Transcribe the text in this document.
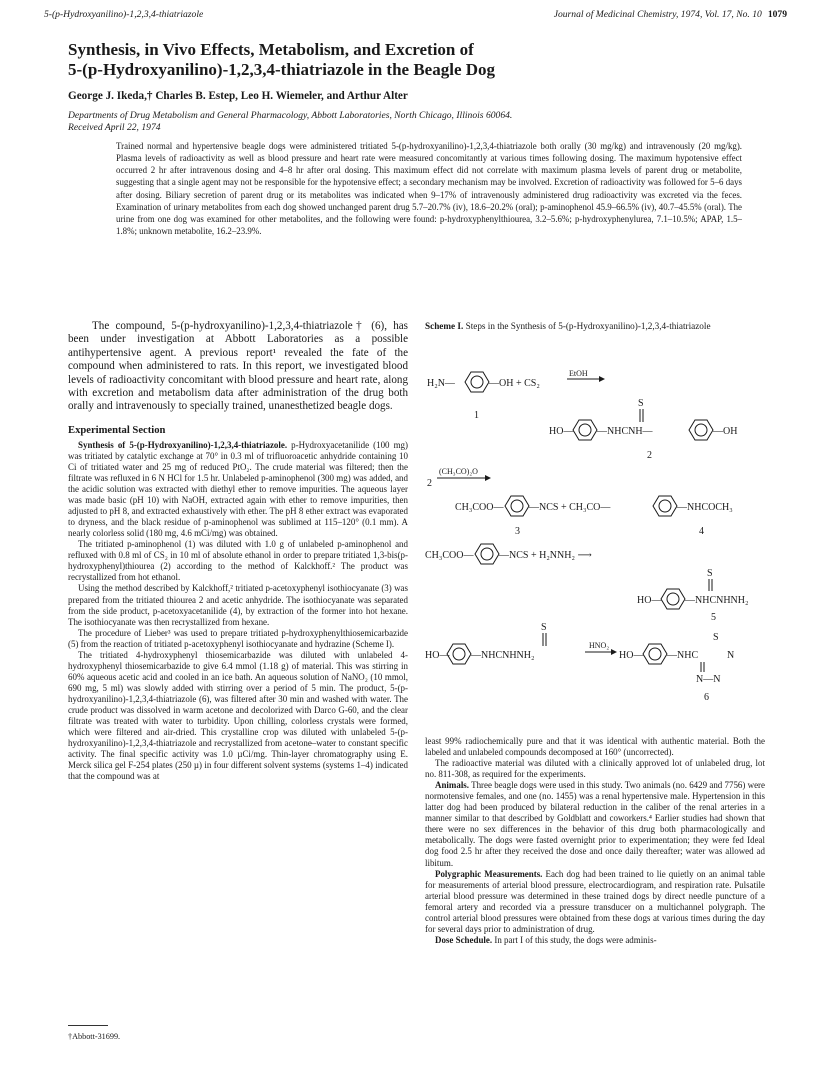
5-(p-Hydroxyanilino)-1,2,3,4-thiatriazole	Journal of Medicinal Chemistry, 1974, Vol. 17, No. 10 1079
Synthesis, in Vivo Effects, Metabolism, and Excretion of
5-(p-Hydroxyanilino)-1,2,3,4-thiatriazole in the Beagle Dog
George J. Ikeda,† Charles B. Estep, Leo H. Wiemeler, and Arthur Alter
Departments of Drug Metabolism and General Pharmacology, Abbott Laboratories, North Chicago, Illinois 60064.
Received April 22, 1974
Trained normal and hypertensive beagle dogs were administered tritiated 5-(p-hydroxyanilino)-1,2,3,4-thiatriazole both orally (30 mg/kg) and intravenously (20 mg/kg). Plasma levels of radioactivity as well as blood pressure and heart rate were measured concomitantly at various times following dosing. The maximum hypotensive effect occurred 2 hr after intravenous dosing and 4–8 hr after oral dosing. This maximum effect did not correlate with maximum plasma levels of parent drug or metabolite, suggesting that a single agent may not be responsible for the hypotensive effect; a secondary mechanism may be involved. Excretion of radioactivity was followed for 5–6 days after dosing. Biliary secretion of parent drug or its metabolites was indicated when 9–17% of intravenously administered drug radioactivity was excreted via the feces. Examination of urinary metabolites from each dog showed unchanged parent drug 5.7–20.7% (iv), 18.6–20.2% (oral); p-aminophenol 45.9–66.5% (iv), 40.7–45.5% (oral). The urine from one dog was examined for other metabolites, and the following were found: p-hydroxyphenylthiourea, 3.2–5.6%; p-hydroxyphenylurea, 7.1–10.5%; APAP, 1.5–1.8%; unknown metabolite, 16.2–23.9%.

The compound, 5-(p-hydroxyanilino)-1,2,3,4-thiatriazole† (6), has been under investigation at Abbott Laboratories as a possible antihypertensive agent. A previous report¹ revealed the fate of the compound when administered to rats. In this report, we investigated blood levels of radioactivity concomitant with blood pressure and heart rate, along with excretion and metabolism data after administration of the drug both orally and intravenously to specially trained, unanesthetized beagle dogs.

Experimental Section

Synthesis of 5-(p-Hydroxyanilino)-1,2,3,4-thiatriazole. p-Hydroxyacetanilide (100 mg) was tritiated by catalytic exchange at 70° in 0.3 ml of trifluoroacetic anhydride containing 10 Ci of tritiated water and 25 mg of reduced PtO₂. The crude material was filtered; then the filtrate was refluxed in 6 N HCl for 1.5 hr. Unlabeled p-aminophenol (300 mg) was added, and the acidic solution was extracted with diethyl ether to remove impurities. The aqueous layer was made basic (pH 10) with NaOH, extracted again with ether to remove impurities, then adjusted to pH 8, and extracted exhaustively with ether. The pH 8 ether extract was evaporated to dryness, and the black residue of p-aminophenol was sublimed at 115–120° (0.1 mm). A nearly colorless solid (180 mg, 4.6 mCi/mg) was obtained.

The tritiated p-aminophenol (1) was diluted with 1.0 g of unlabeled p-aminophenol and refluxed with 0.8 ml of CS₂ in 10 ml of absolute ethanol in order to prepare tritiated 1,3-bis(p-hydroxyphenyl)thiourea (2) according to the method of Kalckhoff.² The product was recrystallized from hot ethanol.

Using the method described by Kalckhoff,² tritiated p-acetoxyphenyl isothiocyanate (3) was prepared from the tritiated thiourea 2 and acetic anhydride. The isothiocyanate was separated from the side product, p-acetoxyacetanilide (4), by extraction of the former into hot hexane. The isothiocyanate was then recrystallized from hexane.

The procedure of Lieber³ was used to prepare tritiated p-hydroxyphenylthiosemicarbazide (5) from the reaction of tritiated p-acetoxyphenyl isothiocyanate and hydrazine (Scheme I).

The tritiated 4-hydroxyphenyl thiosemicarbazide was diluted with unlabeled 4-hydroxyphenyl thiosemicarbazide to give 6.4 mmol (1.18 g) of material. This was stirring in 60% aqueous acetic acid and cooled in an ice bath. An aqueous solution of NaNO₂ (10 mmol, 690 mg, 5 ml) was slowly added with stirring over a period of 5 min. The product, 5-(p-hydroxyanilino)-1,2,3,4-thiatriazole (6), was filtered after 30 min and washed with water. The crude product was dissolved in warm acetone and decolorized with Darco G-60, and the clear filtrate was treated with water to turbidity. Upon chilling, colorless crystals were formed, which were filtered and air-dried. This crystalline crop was diluted with unlabeled 5-(p-hydroxyanilino)-1,2,3,4-thiatriazole and recrystallized from acetone–water to constant specific activity. The final specific activity was 1.0 µCi/mg. Thin-layer chromatography using E. Merck silica gel F-254 plates (250 µ) in four different solvent systems (systems 1–4) indicated that the compound was at

†Abbott-31699.
Scheme I. Steps in the Synthesis of 5-(p-Hydroxyanilino)-1,2,3,4-thiatriazole
H₂N—	—OH + CS₂
EtOH
1
S
HO— —NHCNH—	—OH
2
2
(CH₃CO)₂O
CH₃COO—	—NCS + CH₃CO—	—NHCOCH₃
3	4
CH₃COO—	—NCS + H₂NNH₂ ⟶
S
HO— —NHCNHNH₂
5
S
HO— —NHCNHNH₂
HNO₂
HO— —NHC
S
N
N—N
6

least 99% radiochemically pure and that it was identical with authentic material. Both the labeled and unlabeled compounds decomposed at 160° (uncorrected).

The radioactive material was diluted with a clinically approved lot of unlabeled drug, lot no. 811-308, as required for the experiments.

Animals. Three beagle dogs were used in this study. Two animals (no. 6429 and 7756) were normotensive females, and one (no. 1455) was a renal hypertensive male. Hypertension in this latter dog had been produced by bilateral reduction in the caliber of the renal arteries in a manner similar to that described by Goldblatt and coworkers.⁴ Earlier studies had shown that there were no sex differences in the behavior of this drug both pharmacologically and metabolically. The dogs were fasted overnight prior to experimentation; they were fed Ideal dog food 2.5 hr after they received the dose and once daily thereafter; water was allowed ad libitum.

Polygraphic Measurements. Each dog had been trained to lie quietly on an animal table for measurements of arterial blood pressure, electrocardiogram, and respiration rate. Pulsatile arterial blood pressure was determined in these trained dogs by direct needle puncture of a femoral artery and recorded via a pressure transducer on a multichannel polygraph. The control arterial blood pressures were obtained from these dogs at various times during the day for several days prior to administration of drug.

Dose Schedule. In part I of this study, the dogs were adminis-
